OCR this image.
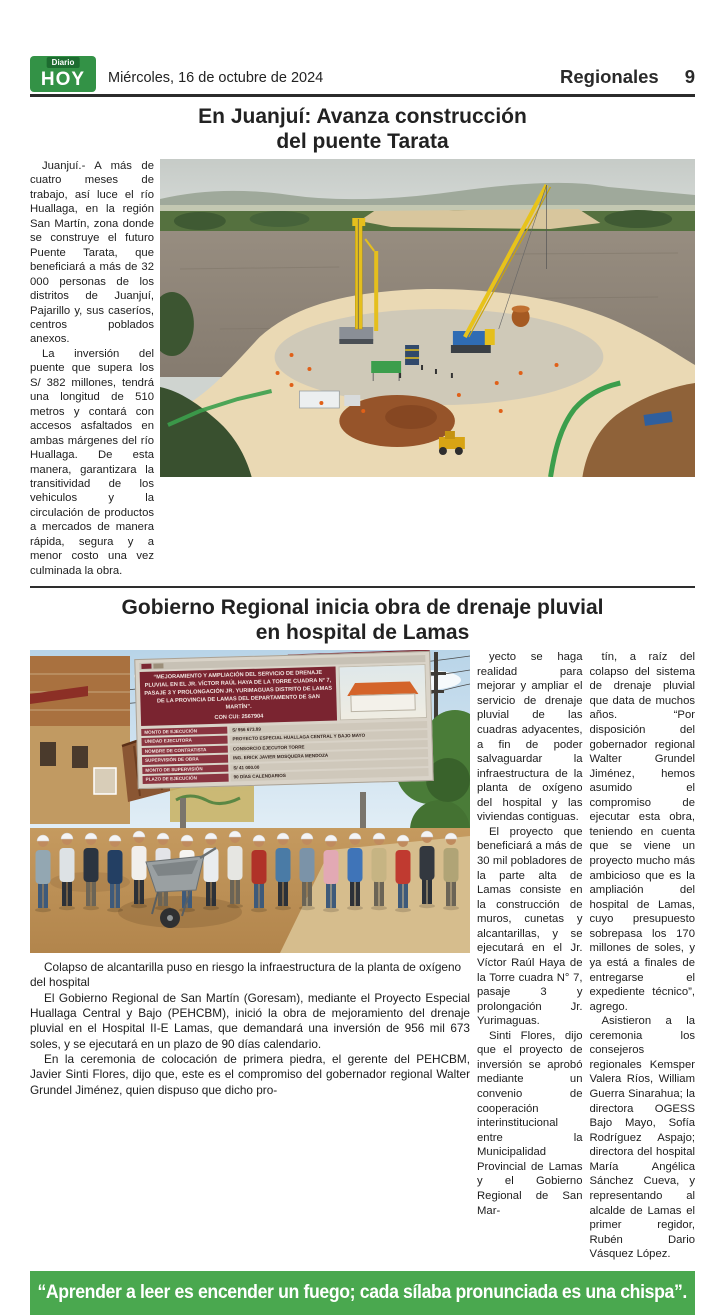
Diario
HOY	Miércoles, 16 de octubre de 2024	Regionales 9
En Juanjuí: Avanza construcción
del puente Tarata

Juanjuí.- A más de cuatro meses de trabajo, así luce el río Huallaga, en la región San Martín, zona donde se construye el futuro Puente Tarata, que beneficiará a más de 32 000 personas de los distritos de Juanjuí, Pajarillo y, sus caseríos, centros poblados anexos.

La inversión del puente que supera los S/ 382 millones, tendrá una longitud de 510 metros y contará con accesos asfaltados en ambas márgenes del río Huallaga. De esta manera, garantizara la transitividad de los vehiculos y la circulación de productos a mercados de manera rápida, segura y a menor costo una vez culminada la obra.

Gobierno Regional inicia obra de drenaje pluvial
en hospital de Lamas
“MEJORAMIENTO Y AMPLIACIÓN DEL SERVICIO DE DRENAJE PLUVIAL EN EL JR. VÍCTOR RAÚL HAYA DE LA TORRE CUADRA N° 7, PASAJE 3 Y PROLONGACIÓN JR. YURIMAGUAS DISTRITO DE LAMAS DE LA PROVINCIA DE LAMAS DEL DEPARTAMENTO DE SAN MARTÍN”.
CON CUI: 2567904
MONTO DE EJECUCIÓN	S/ 956 673.89
UNIDAD EJECUTORA	PROYECTO ESPECIAL HUALLAGA CENTRAL Y BAJO MAYO
NOMBRE DE CONTRATISTA	CONSORCIO EJECUTOR TORRE
SUPERVISIÓN DE OBRA	ING. ERICK JAVIER MOSQUERA MENDOZA
MONTO DE SUPERVISIÓN	S/ 41 000.00
PLAZO DE EJECUCIÓN	90 DÍAS CALENDARIOS

Colapso de alcantarilla puso en riesgo la infraestructura de la planta de oxígeno del hospital

El Gobierno Regional de San Martín (Goresam), mediante el Proyecto Especial Huallaga Central y Bajo (PEHCBM), inició la obra de mejoramiento del drenaje pluvial en el Hospital II-E Lamas, que demandará una inversión de 956 mil 673 soles, y se ejecutará en un plazo de 90 días calendario.

En la ceremonia de colocación de primera piedra, el gerente del PEHCBM, Javier Sinti Flores, dijo que, este es el compromiso del gobernador regional Walter Grundel Jiménez, quien dispuso que dicho pro-

yecto se haga realidad para mejorar y ampliar el servicio de drenaje pluvial de las cuadras adyacentes, a fin de poder salvaguardar la infraestructura de la planta de oxígeno del hospital y las viviendas contiguas.

El proyecto que beneficiará a más de 30 mil pobladores de la parte alta de Lamas consiste en la construcción de muros, cunetas y alcantarillas, y se ejecutará en el Jr. Víctor Raúl Haya de la Torre cuadra N° 7, pasaje 3 y prolongación Jr. Yurimaguas.

Sinti Flores, dijo que el proyecto de inversión se aprobó mediante un convenio de cooperación interinstitucional entre la Municipalidad Provincial de Lamas y el Gobierno Regional de San Mar-

tín, a raíz del colapso del sistema de drenaje pluvial que data de muchos años. “Por disposición del gobernador regional Walter Grundel Jiménez, hemos asumido el compromiso de ejecutar esta obra, teniendo en cuenta que se viene un proyecto mucho más ambicioso que es la ampliación del hospital de Lamas, cuyo presupuesto sobrepasa los 170 millones de soles, y ya está a finales de entregarse el expediente técnico”, agrego.

Asistieron a la ceremonia los consejeros regionales Kemsper Valera Ríos, William Guerra Sinarahua; la directora OGESS Bajo Mayo, Sofía Rodríguez Aspajo; directora del hospital María Angélica Sánchez Cueva, y representando al alcalde de Lamas el primer regidor, Rubén Dario Vásquez López.

“Aprender a leer es encender un fuego; cada sílaba pronunciada es una chispa”.
